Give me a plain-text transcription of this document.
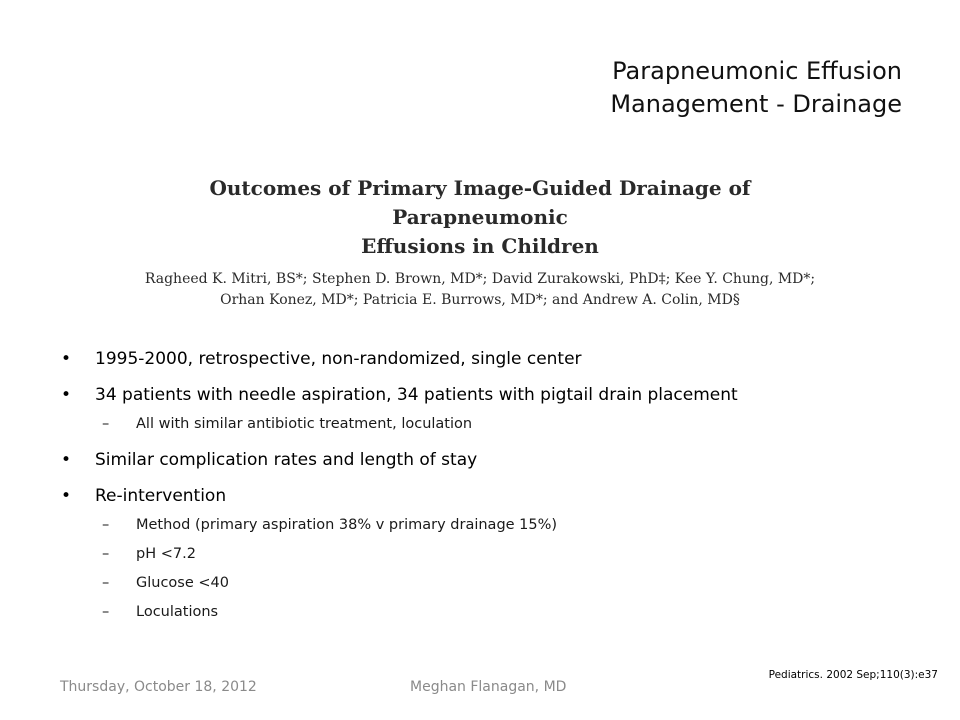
Parapneumonic Effusion
Management - Drainage
Outcomes of Primary Image-Guided Drainage of Parapneumonic
Effusions in Children
Ragheed K. Mitri, BS*; Stephen D. Brown, MD*; David Zurakowski, PhD‡; Kee Y. Chung, MD*;
Orhan Konez, MD*; Patricia E. Burrows, MD*; and Andrew A. Colin, MD§
• 1995-2000, retrospective, non-randomized, single center
• 34 patients with needle aspiration, 34 patients with pigtail drain placement
– All with similar antibiotic treatment, loculation
• Similar complication rates and length of stay
• Re-intervention
– Method (primary aspiration 38% v primary drainage 15%)
– pH <7.2
– Glucose <40
– Loculations
Thursday, October 18, 2012	Meghan Flanagan, MD
Pediatrics. 2002 Sep;110(3):e37
